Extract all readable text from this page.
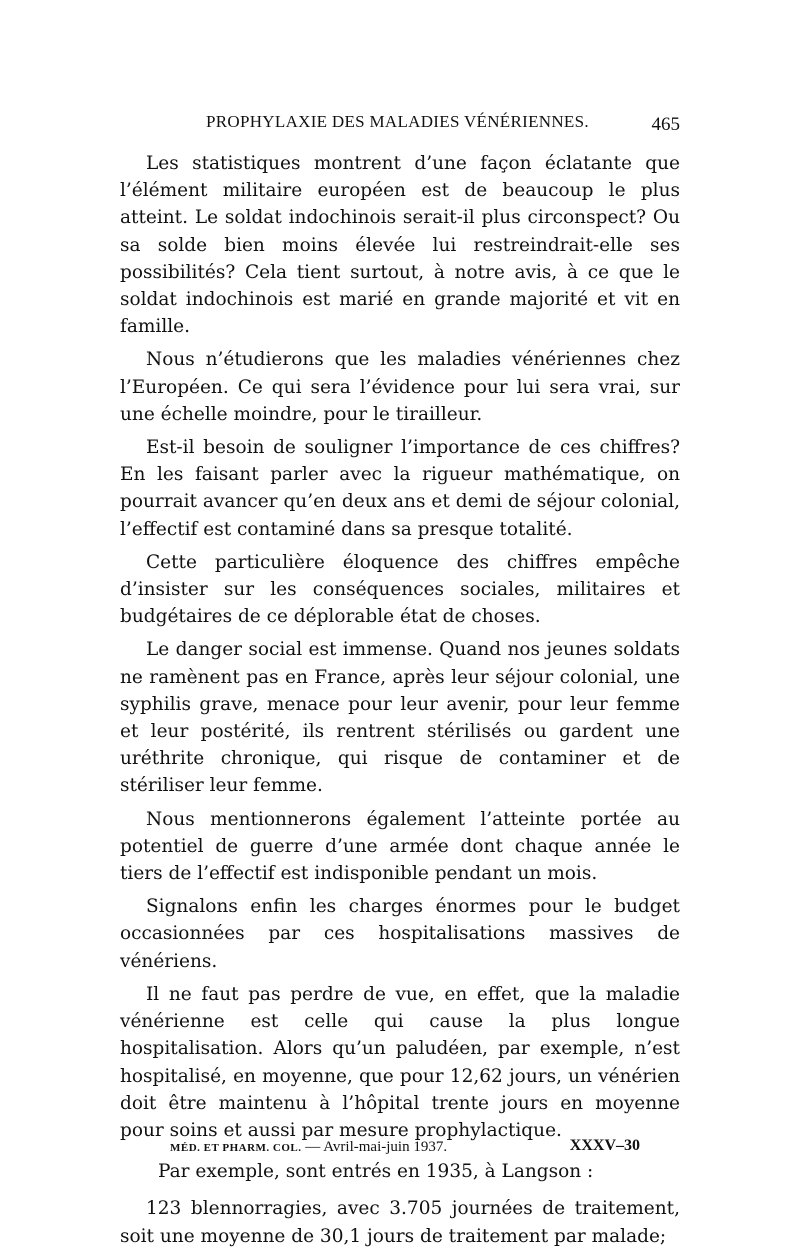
PROPHYLAXIE DES MALADIES VÉNÉRIENNES.	465

Les statistiques montrent d’une façon éclatante que l’élément militaire européen est de beaucoup le plus atteint. Le soldat indochinois serait-il plus circonspect? Ou sa solde bien moins élevée lui restreindrait-elle ses possibilités? Cela tient surtout, à notre avis, à ce que le soldat indochinois est marié en grande majorité et vit en famille.

Nous n’étudierons que les maladies vénériennes chez l’Européen. Ce qui sera l’évidence pour lui sera vrai, sur une échelle moindre, pour le tirailleur.

Est-il besoin de souligner l’importance de ces chiffres? En les faisant parler avec la rigueur mathématique, on pourrait avancer qu’en deux ans et demi de séjour colonial, l’effectif est contaminé dans sa presque totalité.

Cette particulière éloquence des chiffres empêche d’insister sur les conséquences sociales, militaires et budgétaires de ce déplorable état de choses.

Le danger social est immense. Quand nos jeunes soldats ne ramènent pas en France, après leur séjour colonial, une syphilis grave, menace pour leur avenir, pour leur femme et leur postérité, ils rentrent stérilisés ou gardent une uréthrite chronique, qui risque de contaminer et de stériliser leur femme.

Nous mentionnerons également l’atteinte portée au potentiel de guerre d’une armée dont chaque année le tiers de l’effectif est indisponible pendant un mois.

Signalons enfin les charges énormes pour le budget occasionnées par ces hospitalisations massives de vénériens.

Il ne faut pas perdre de vue, en effet, que la maladie vénérienne est celle qui cause la plus longue hospitalisation. Alors qu’un paludéen, par exemple, n’est hospitalisé, en moyenne, que pour 12,62 jours, un vénérien doit être maintenu à l’hôpital trente jours en moyenne pour soins et aussi par mesure prophylactique.

Par exemple, sont entrés en 1935, à Langson :

123 blennorragies, avec 3.705 journées de traitement, soit une moyenne de 30,1 jours de traitement par malade;

MÉD. ET PHARM. COL. — Avril-mai-juin 1937.	XXXV–30
